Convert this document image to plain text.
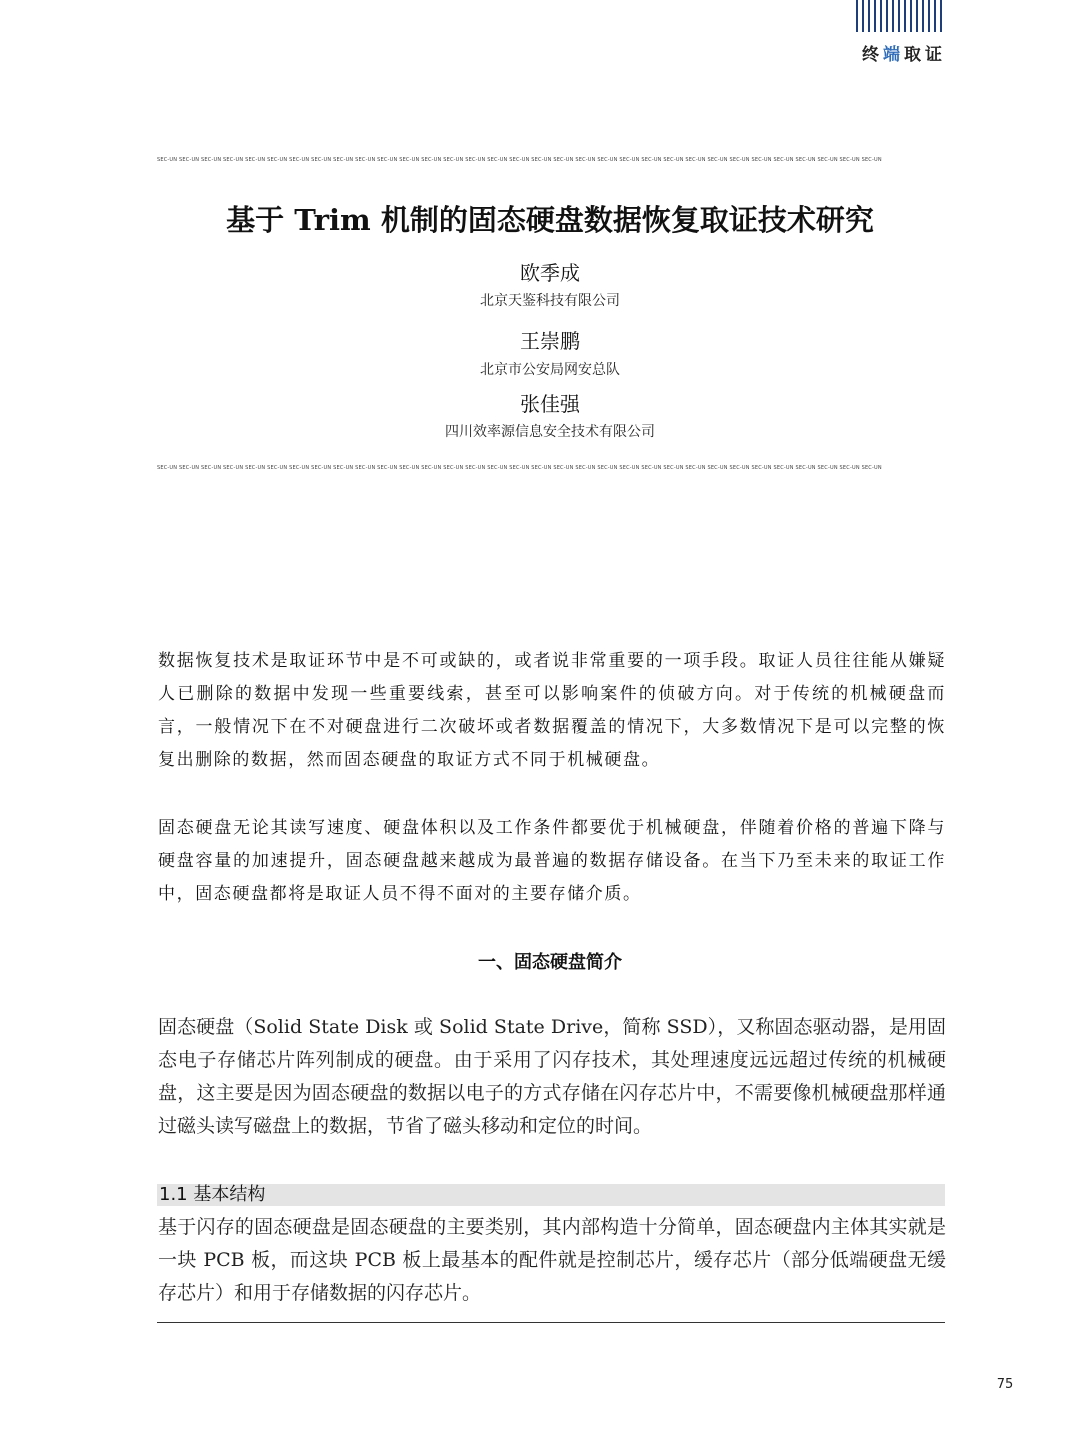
终端取证
SEC-UN SEC-UN SEC-UN SEC-UN SEC-UN SEC-UN SEC-UN SEC-UN SEC-UN SEC-UN SEC-UN SEC-UN SEC-UN SEC-UN SEC-UN SEC-UN SEC-UN SEC-UN SEC-UN SEC-UN SEC-UN SEC-UN SEC-UN SEC-UN SEC-UN SEC-UN SEC-UN SEC-UN SEC-UN SEC-UN SEC-UN SEC-UN SEC-UN
基于 Trim 机制的固态硬盘数据恢复取证技术研究
欧季成
北京天鉴科技有限公司
王崇鹏
北京市公安局网安总队
张佳强
四川效率源信息安全技术有限公司
SEC-UN SEC-UN SEC-UN SEC-UN SEC-UN SEC-UN SEC-UN SEC-UN SEC-UN SEC-UN SEC-UN SEC-UN SEC-UN SEC-UN SEC-UN SEC-UN SEC-UN SEC-UN SEC-UN SEC-UN SEC-UN SEC-UN SEC-UN SEC-UN SEC-UN SEC-UN SEC-UN SEC-UN SEC-UN SEC-UN SEC-UN SEC-UN SEC-UN
数据恢复技术是取证环节中是不可或缺的，或者说非常重要的一项手段。取证人员往往能从嫌疑人已删除的数据中发现一些重要线索，甚至可以影响案件的侦破方向。对于传统的机械硬盘而言，一般情况下在不对硬盘进行二次破坏或者数据覆盖的情况下，大多数情况下是可以完整的恢复出删除的数据，然而固态硬盘的取证方式不同于机械硬盘。
固态硬盘无论其读写速度、硬盘体积以及工作条件都要优于机械硬盘，伴随着价格的普遍下降与硬盘容量的加速提升，固态硬盘越来越成为最普遍的数据存储设备。在当下乃至未来的取证工作中，固态硬盘都将是取证人员不得不面对的主要存储介质。
一、固态硬盘简介
固态硬盘（Solid State Disk 或 Solid State Drive，简称 SSD），又称固态驱动器，是用固态电子存储芯片阵列制成的硬盘。由于采用了闪存技术，其处理速度远远超过传统的机械硬盘，这主要是因为固态硬盘的数据以电子的方式存储在闪存芯片中，不需要像机械硬盘那样通过磁头读写磁盘上的数据，节省了磁头移动和定位的时间。
1.1 基本结构
基于闪存的固态硬盘是固态硬盘的主要类别，其内部构造十分简单，固态硬盘内主体其实就是一块 PCB 板，而这块 PCB 板上最基本的配件就是控制芯片，缓存芯片（部分低端硬盘无缓存芯片）和用于存储数据的闪存芯片。
75
